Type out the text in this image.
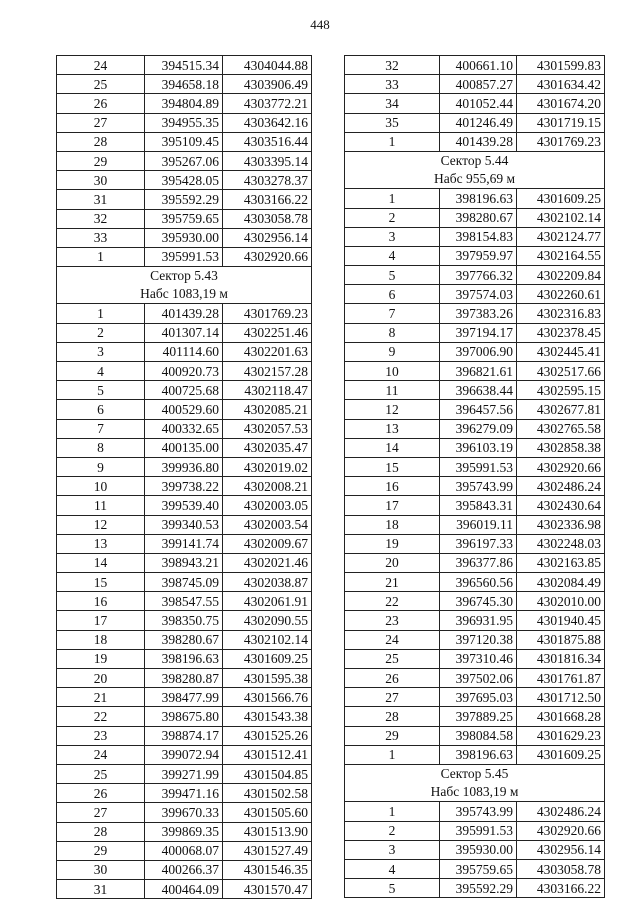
448
24	394515.34	4304044.88
25	394658.18	4303906.49
26	394804.89	4303772.21
27	394955.35	4303642.16
28	395109.45	4303516.44
29	395267.06	4303395.14
30	395428.05	4303278.37
31	395592.29	4303166.22
32	395759.65	4303058.78
33	395930.00	4302956.14
1	395991.53	4302920.66

Сектор 5.43
Набс 1083,19 м		

1	401439.28	4301769.23
2	401307.14	4302251.46
3	401114.60	4302201.63
4	400920.73	4302157.28
5	400725.68	4302118.47
6	400529.60	4302085.21
7	400332.65	4302057.53
8	400135.00	4302035.47
9	399936.80	4302019.02
10	399738.22	4302008.21
11	399539.40	4302003.05
12	399340.53	4302003.54
13	399141.74	4302009.67
14	398943.21	4302021.46
15	398745.09	4302038.87
16	398547.55	4302061.91
17	398350.75	4302090.55
18	398280.67	4302102.14
19	398196.63	4301609.25
20	398280.87	4301595.38
21	398477.99	4301566.76
22	398675.80	4301543.38
23	398874.17	4301525.26
24	399072.94	4301512.41
25	399271.99	4301504.85
26	399471.16	4301502.58
27	399670.33	4301505.60
28	399869.35	4301513.90
29	400068.07	4301527.49
30	400266.37	4301546.35
31	400464.09	4301570.47
32	400661.10	4301599.83
33	400857.27	4301634.42
34	401052.44	4301674.20
35	401246.49	4301719.15
1	401439.28	4301769.23

Сектор 5.44
Набс 955,69 м		

1	398196.63	4301609.25
2	398280.67	4302102.14
3	398154.83	4302124.77
4	397959.97	4302164.55
5	397766.32	4302209.84
6	397574.03	4302260.61
7	397383.26	4302316.83
8	397194.17	4302378.45
9	397006.90	4302445.41
10	396821.61	4302517.66
11	396638.44	4302595.15
12	396457.56	4302677.81
13	396279.09	4302765.58
14	396103.19	4302858.38
15	395991.53	4302920.66
16	395743.99	4302486.24
17	395843.31	4302430.64
18	396019.11	4302336.98
19	396197.33	4302248.03
20	396377.86	4302163.85
21	396560.56	4302084.49
22	396745.30	4302010.00
23	396931.95	4301940.45
24	397120.38	4301875.88
25	397310.46	4301816.34
26	397502.06	4301761.87
27	397695.03	4301712.50
28	397889.25	4301668.28
29	398084.58	4301629.23
1	398196.63	4301609.25

Сектор 5.45
Набс 1083,19 м		

1	395743.99	4302486.24
2	395991.53	4302920.66
3	395930.00	4302956.14
4	395759.65	4303058.78
5	395592.29	4303166.22
